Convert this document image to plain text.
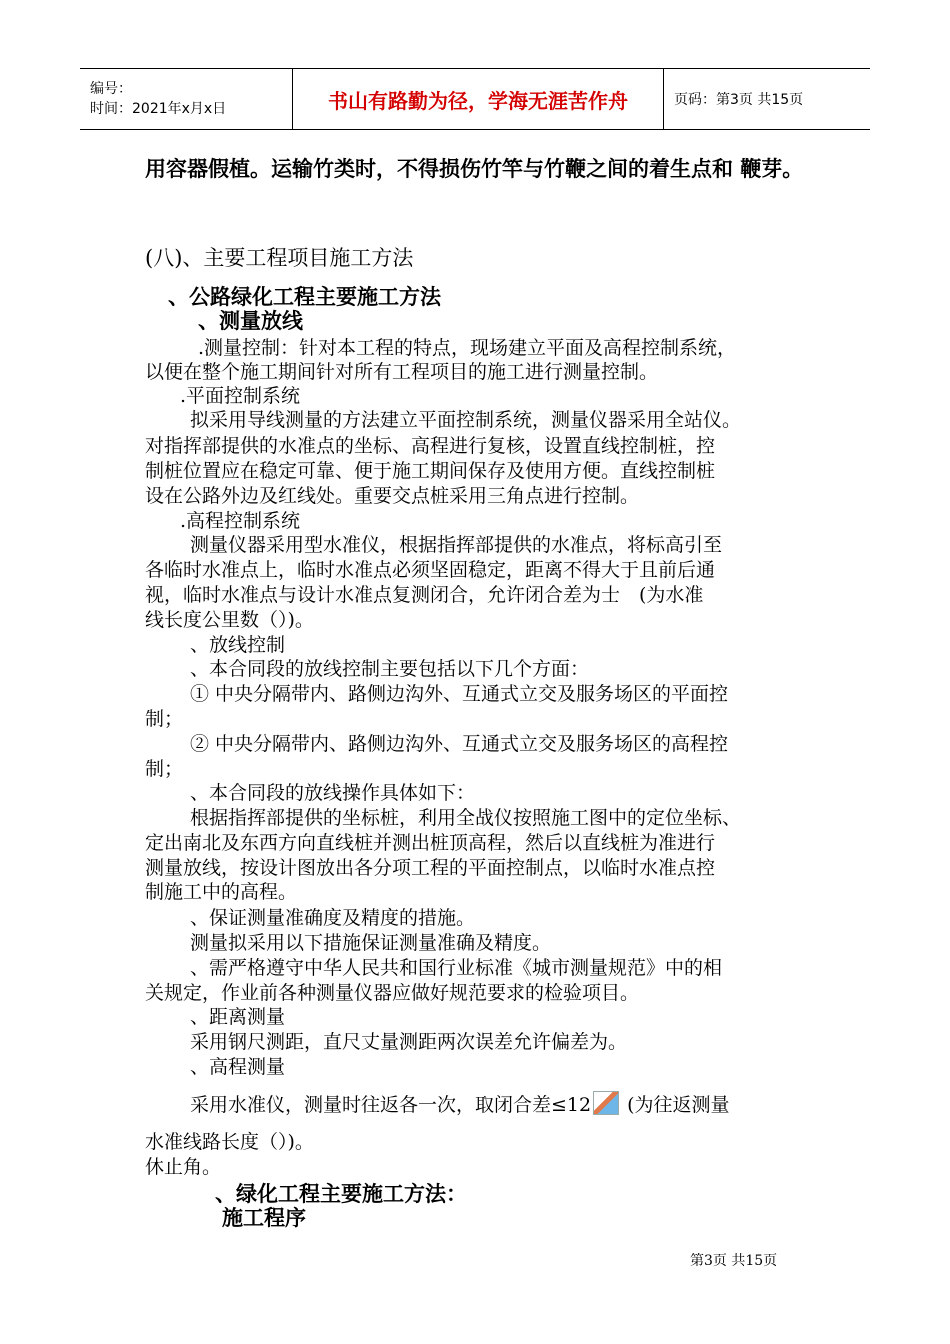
编号：
时间：2021年x月x日	书山有路勤为径，学海无涯苦作舟	页码：第3页 共15页
用容器假植。运输竹类时，不得损伤竹竿与竹鞭之间的着生点和 鞭芽。
(八)、主要工程项目施工方法
、公路绿化工程主要施工方法
、测量放线
.测量控制：针对本工程的特点，现场建立平面及高程控制系统，
以便在整个施工期间针对所有工程项目的施工进行测量控制。
.平面控制系统
拟采用导线测量的方法建立平面控制系统，测量仪器采用全站仪。
对指挥部提供的水准点的坐标、高程进行复核，设置直线控制桩，控
制桩位置应在稳定可靠、便于施工期间保存及使用方便。直线控制桩
设在公路外边及红线处。重要交点桩采用三角点进行控制。
.高程控制系统
测量仪器采用型水准仪，根据指挥部提供的水准点，将标高引至
各临时水准点上，临时水准点必须坚固稳定，距离不得大于且前后通
视，临时水准点与设计水准点复测闭合，允许闭合差为士　(为水准
线长度公里数（）)。
、放线控制
、本合同段的放线控制主要包括以下几个方面：
① 中央分隔带内、路侧边沟外、互通式立交及服务场区的平面控
制；
② 中央分隔带内、路侧边沟外、互通式立交及服务场区的高程控
制；
、本合同段的放线操作具体如下：
根据指挥部提供的坐标桩，利用全战仪按照施工图中的定位坐标、
定出南北及东西方向直线桩并测出桩顶高程，然后以直线桩为准进行
测量放线，按设计图放出各分项工程的平面控制点，以临时水准点控
制施工中的高程。
、保证测量准确度及精度的措施。
测量拟采用以下措施保证测量准确及精度。
、需严格遵守中华人民共和国行业标准《城市测量规范》中的相
关规定，作业前各种测量仪器应做好规范要求的检验项目。
、距离测量
采用钢尺测距，直尺丈量测距两次误差允许偏差为。
、高程测量
采用水准仪，测量时往返各一次，取闭合差≤12 (为往返测量
水准线路长度（）)。
休止角。
、绿化工程主要施工方法：
施工程序
第3页 共15页
